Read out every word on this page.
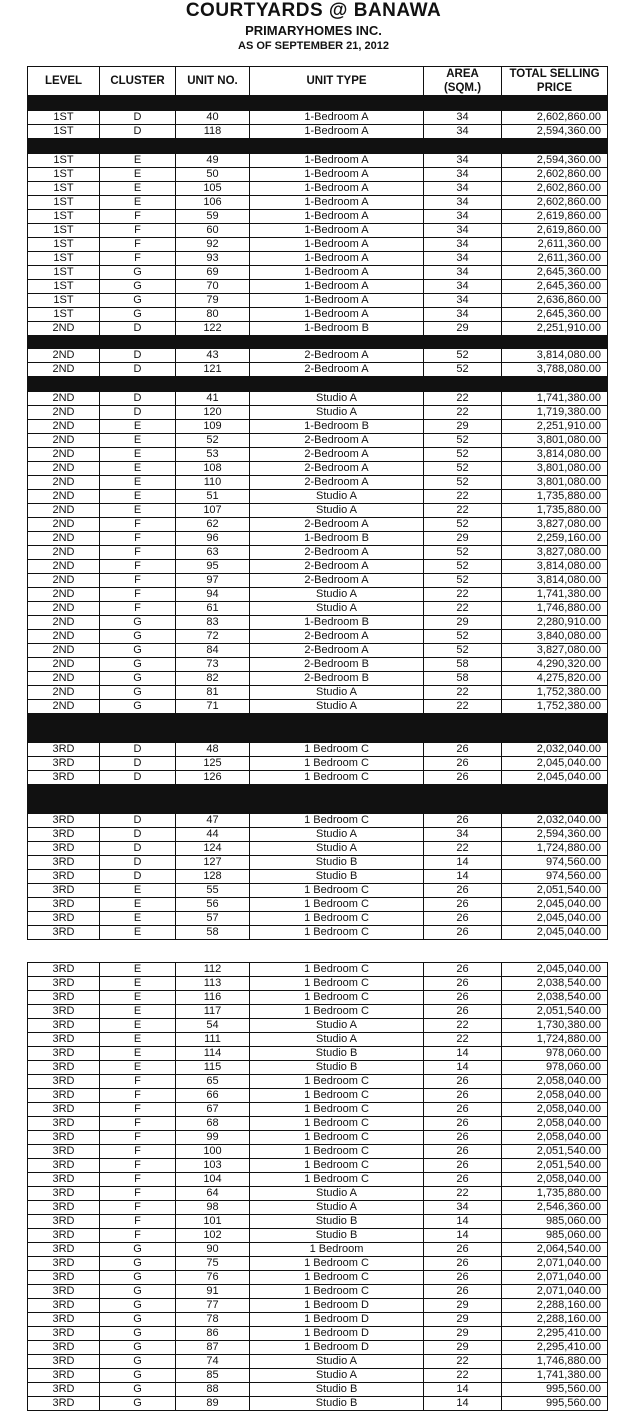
COURTYARDS @ BANAWA
PRIMARYHOMES INC.
AS OF SEPTEMBER 21, 2012
LEVEL	CLUSTER	UNIT NO.	UNIT TYPE	AREA (SQM.)	TOTAL SELLING PRICE

1ST	D	40	1-Bedroom A	34	2,602,860.00
1ST	D	118	1-Bedroom A	34	2,594,360.00

1ST	E	49	1-Bedroom A	34	2,594,360.00
1ST	E	50	1-Bedroom A	34	2,602,860.00
1ST	E	105	1-Bedroom A	34	2,602,860.00
1ST	E	106	1-Bedroom A	34	2,602,860.00
1ST	F	59	1-Bedroom A	34	2,619,860.00
1ST	F	60	1-Bedroom A	34	2,619,860.00
1ST	F	92	1-Bedroom A	34	2,611,360.00
1ST	F	93	1-Bedroom A	34	2,611,360.00
1ST	G	69	1-Bedroom A	34	2,645,360.00
1ST	G	70	1-Bedroom A	34	2,645,360.00
1ST	G	79	1-Bedroom A	34	2,636,860.00
1ST	G	80	1-Bedroom A	34	2,645,360.00
2ND	D	122	1-Bedroom B	29	2,251,910.00

2ND	D	43	2-Bedroom A	52	3,814,080.00
2ND	D	121	2-Bedroom A	52	3,788,080.00

2ND	D	41	Studio A	22	1,741,380.00
2ND	D	120	Studio A	22	1,719,380.00
2ND	E	109	1-Bedroom B	29	2,251,910.00
2ND	E	52	2-Bedroom A	52	3,801,080.00
2ND	E	53	2-Bedroom A	52	3,814,080.00
2ND	E	108	2-Bedroom A	52	3,801,080.00
2ND	E	110	2-Bedroom A	52	3,801,080.00
2ND	E	51	Studio A	22	1,735,880.00
2ND	E	107	Studio A	22	1,735,880.00
2ND	F	62	2-Bedroom A	52	3,827,080.00
2ND	F	96	1-Bedroom B	29	2,259,160.00
2ND	F	63	2-Bedroom A	52	3,827,080.00
2ND	F	95	2-Bedroom A	52	3,814,080.00
2ND	F	97	2-Bedroom A	52	3,814,080.00
2ND	F	94	Studio A	22	1,741,380.00
2ND	F	61	Studio A	22	1,746,880.00
2ND	G	83	1-Bedroom B	29	2,280,910.00
2ND	G	72	2-Bedroom A	52	3,840,080.00
2ND	G	84	2-Bedroom A	52	3,827,080.00
2ND	G	73	2-Bedroom B	58	4,290,320.00
2ND	G	82	2-Bedroom B	58	4,275,820.00
2ND	G	81	Studio A	22	1,752,380.00
2ND	G	71	Studio A	22	1,752,380.00

3RD	D	48	1 Bedroom C	26	2,032,040.00
3RD	D	125	1 Bedroom C	26	2,045,040.00
3RD	D	126	1 Bedroom C	26	2,045,040.00

3RD	D	47	1 Bedroom C	26	2,032,040.00
3RD	D	44	Studio A	34	2,594,360.00
3RD	D	124	Studio A	22	1,724,880.00
3RD	D	127	Studio B	14	974,560.00
3RD	D	128	Studio B	14	974,560.00
3RD	E	55	1 Bedroom C	26	2,051,540.00
3RD	E	56	1 Bedroom C	26	2,045,040.00
3RD	E	57	1 Bedroom C	26	2,045,040.00
3RD	E	58	1 Bedroom C	26	2,045,040.00
3RD	E	112	1 Bedroom C	26	2,045,040.00
3RD	E	113	1 Bedroom C	26	2,038,540.00
3RD	E	116	1 Bedroom C	26	2,038,540.00
3RD	E	117	1 Bedroom C	26	2,051,540.00
3RD	E	54	Studio A	22	1,730,380.00
3RD	E	111	Studio A	22	1,724,880.00
3RD	E	114	Studio B	14	978,060.00
3RD	E	115	Studio B	14	978,060.00
3RD	F	65	1 Bedroom C	26	2,058,040.00
3RD	F	66	1 Bedroom C	26	2,058,040.00
3RD	F	67	1 Bedroom C	26	2,058,040.00
3RD	F	68	1 Bedroom C	26	2,058,040.00
3RD	F	99	1 Bedroom C	26	2,058,040.00
3RD	F	100	1 Bedroom C	26	2,051,540.00
3RD	F	103	1 Bedroom C	26	2,051,540.00
3RD	F	104	1 Bedroom C	26	2,058,040.00
3RD	F	64	Studio A	22	1,735,880.00
3RD	F	98	Studio A	34	2,546,360.00
3RD	F	101	Studio B	14	985,060.00
3RD	F	102	Studio B	14	985,060.00
3RD	G	90	1 Bedroom	26	2,064,540.00
3RD	G	75	1 Bedroom C	26	2,071,040.00
3RD	G	76	1 Bedroom C	26	2,071,040.00
3RD	G	91	1 Bedroom C	26	2,071,040.00
3RD	G	77	1 Bedroom D	29	2,288,160.00
3RD	G	78	1 Bedroom D	29	2,288,160.00
3RD	G	86	1 Bedroom D	29	2,295,410.00
3RD	G	87	1 Bedroom D	29	2,295,410.00
3RD	G	74	Studio A	22	1,746,880.00
3RD	G	85	Studio A	22	1,741,380.00
3RD	G	88	Studio B	14	995,560.00
3RD	G	89	Studio B	14	995,560.00
